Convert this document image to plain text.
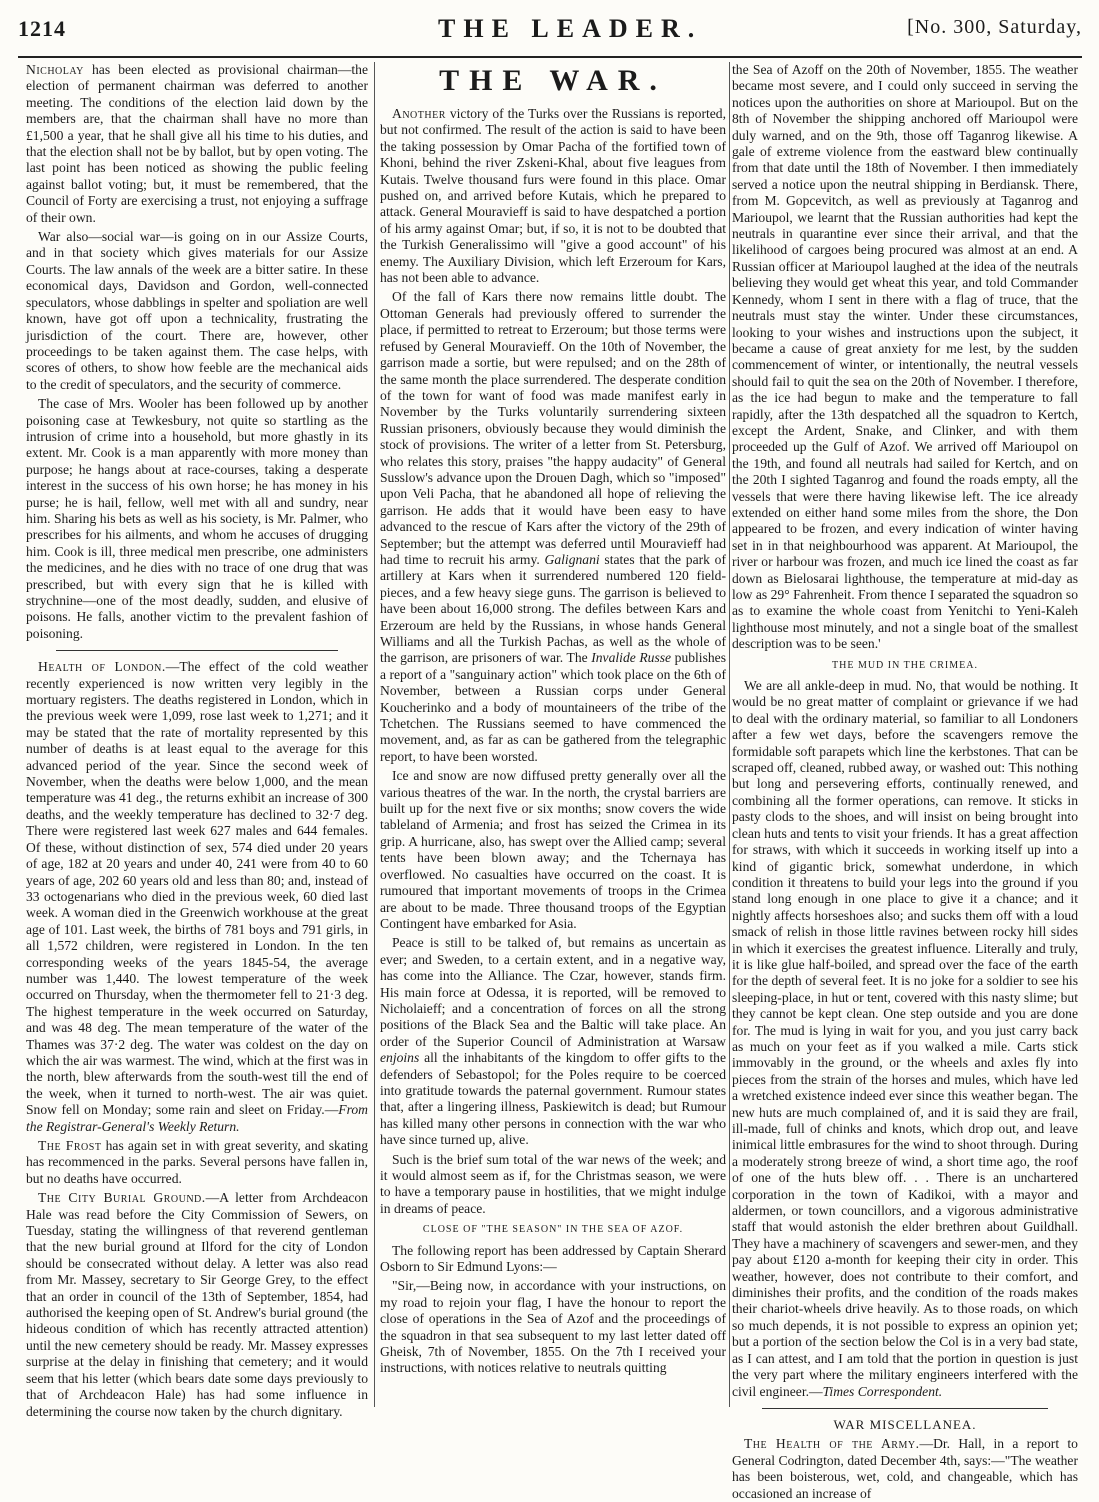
1214	THE LEADER.	[No. 300, Saturday,

Nicholay has been elected as provisional chairman—the election of permanent chairman was deferred to another meeting. The conditions of the election laid down by the members are, that the chairman shall have no more than £1,500 a year, that he shall give all his time to his duties, and that the election shall not be by ballot, but by open voting. The last point has been noticed as showing the public feeling against ballot voting; but, it must be remembered, that the Council of Forty are exercising a trust, not enjoying a suffrage of their own.

War also—social war—is going on in our Assize Courts, and in that society which gives materials for our Assize Courts. The law annals of the week are a bitter satire. In these economical days, Davidson and Gordon, well-connected speculators, whose dabblings in spelter and spoliation are well known, have got off upon a technicality, frustrating the jurisdiction of the court. There are, however, other proceedings to be taken against them. The case helps, with scores of others, to show how feeble are the mechanical aids to the credit of speculators, and the security of commerce.

The case of Mrs. Wooler has been followed up by another poisoning case at Tewkesbury, not quite so startling as the intrusion of crime into a household, but more ghastly in its extent. Mr. Cook is a man apparently with more money than purpose; he hangs about at race-courses, taking a desperate interest in the success of his own horse; he has money in his purse; he is hail, fellow, well met with all and sundry, near him. Sharing his bets as well as his society, is Mr. Palmer, who prescribes for his ailments, and whom he accuses of drugging him. Cook is ill, three medical men prescribe, one administers the medicines, and he dies with no trace of one drug that was prescribed, but with every sign that he is killed with strychnine—one of the most deadly, sudden, and elusive of poisons. He falls, another victim to the prevalent fashion of poisoning.

Health of London.—The effect of the cold weather recently experienced is now written very legibly in the mortuary registers. The deaths registered in London, which in the previous week were 1,099, rose last week to 1,271; and it may be stated that the rate of mortality represented by this number of deaths is at least equal to the average for this advanced period of the year. Since the second week of November, when the deaths were below 1,000, and the mean temperature was 41 deg., the returns exhibit an increase of 300 deaths, and the weekly temperature has declined to 32·7 deg. There were registered last week 627 males and 644 females. Of these, without distinction of sex, 574 died under 20 years of age, 182 at 20 years and under 40, 241 were from 40 to 60 years of age, 202 60 years old and less than 80; and, instead of 33 octogenarians who died in the previous week, 60 died last week. A woman died in the Greenwich workhouse at the great age of 101. Last week, the births of 781 boys and 791 girls, in all 1,572 children, were registered in London. In the ten corresponding weeks of the years 1845-54, the average number was 1,440. The lowest temperature of the week occurred on Thursday, when the thermometer fell to 21·3 deg. The highest temperature in the week occurred on Saturday, and was 48 deg. The mean temperature of the water of the Thames was 37·2 deg. The water was coldest on the day on which the air was warmest. The wind, which at the first was in the north, blew afterwards from the south-west till the end of the week, when it turned to north-west. The air was quiet. Snow fell on Monday; some rain and sleet on Friday.—From the Registrar-General's Weekly Return.

The Frost has again set in with great severity, and skating has recommenced in the parks. Several persons have fallen in, but no deaths have occurred.

The City Burial Ground.—A letter from Archdeacon Hale was read before the City Commission of Sewers, on Tuesday, stating the willingness of that reverend gentleman that the new burial ground at Ilford for the city of London should be consecrated without delay. A letter was also read from Mr. Massey, secretary to Sir George Grey, to the effect that an order in council of the 13th of September, 1854, had authorised the keeping open of St. Andrew's burial ground (the hideous condition of which has recently attracted attention) until the new cemetery should be ready. Mr. Massey expresses surprise at the delay in finishing that cemetery; and it would seem that his letter (which bears date some days previously to that of Archdeacon Hale) has had some influence in determining the course now taken by the church dignitary.

THE WAR.

Another victory of the Turks over the Russians is reported, but not confirmed. The result of the action is said to have been the taking possession by Omar Pacha of the fortified town of Khoni, behind the river Zskeni-Khal, about five leagues from Kutais. Twelve thousand furs were found in this place. Omar pushed on, and arrived before Kutais, which he prepared to attack. General Mouravieff is said to have despatched a portion of his army against Omar; but, if so, it is not to be doubted that the Turkish Generalissimo will "give a good account" of his enemy. The Auxiliary Division, which left Erzeroum for Kars, has not been able to advance.

Of the fall of Kars there now remains little doubt. The Ottoman Generals had previously offered to surrender the place, if permitted to retreat to Erzeroum; but those terms were refused by General Mouravieff. On the 10th of November, the garrison made a sortie, but were repulsed; and on the 28th of the same month the place surrendered. The desperate condition of the town for want of food was made manifest early in November by the Turks voluntarily surrendering sixteen Russian prisoners, obviously because they would diminish the stock of provisions. The writer of a letter from St. Petersburg, who relates this story, praises "the happy audacity" of General Susslow's advance upon the Drouen Dagh, which so "imposed" upon Veli Pacha, that he abandoned all hope of relieving the garrison. He adds that it would have been easy to have advanced to the rescue of Kars after the victory of the 29th of September; but the attempt was deferred until Mouravieff had had time to recruit his army. Galignani states that the park of artillery at Kars when it surrendered numbered 120 field-pieces, and a few heavy siege guns. The garrison is believed to have been about 16,000 strong. The defiles between Kars and Erzeroum are held by the Russians, in whose hands General Williams and all the Turkish Pachas, as well as the whole of the garrison, are prisoners of war. The Invalide Russe publishes a report of a "sanguinary action" which took place on the 6th of November, between a Russian corps under General Koucherinko and a body of mountaineers of the tribe of the Tchetchen. The Russians seemed to have commenced the movement, and, as far as can be gathered from the telegraphic report, to have been worsted.

Ice and snow are now diffused pretty generally over all the various theatres of the war. In the north, the crystal barriers are built up for the next five or six months; snow covers the wide tableland of Armenia; and frost has seized the Crimea in its grip. A hurricane, also, has swept over the Allied camp; several tents have been blown away; and the Tchernaya has overflowed. No casualties have occurred on the coast. It is rumoured that important movements of troops in the Crimea are about to be made. Three thousand troops of the Egyptian Contingent have embarked for Asia.

Peace is still to be talked of, but remains as uncertain as ever; and Sweden, to a certain extent, and in a negative way, has come into the Alliance. The Czar, however, stands firm. His main force at Odessa, it is reported, will be removed to Nicholaieff; and a concentration of forces on all the strong positions of the Black Sea and the Baltic will take place. An order of the Superior Council of Administration at Warsaw enjoins all the inhabitants of the kingdom to offer gifts to the defenders of Sebastopol; for the Poles require to be coerced into gratitude towards the paternal government. Rumour states that, after a lingering illness, Paskiewitch is dead; but Rumour has killed many other persons in connection with the war who have since turned up, alive.

Such is the brief sum total of the war news of the week; and it would almost seem as if, for the Christmas season, we were to have a temporary pause in hostilities, that we might indulge in dreams of peace.

CLOSE OF "THE SEASON" IN THE SEA OF AZOF.

The following report has been addressed by Captain Sherard Osborn to Sir Edmund Lyons:—

"Sir,—Being now, in accordance with your instructions, on my road to rejoin your flag, I have the honour to report the close of operations in the Sea of Azof and the proceedings of the squadron in that sea subsequent to my last letter dated off Gheisk, 7th of November, 1855. On the 7th I received your instructions, with notices relative to neutrals quitting

the Sea of Azoff on the 20th of November, 1855. The weather became most severe, and I could only succeed in serving the notices upon the authorities on shore at Marioupol. But on the 8th of November the shipping anchored off Marioupol were duly warned, and on the 9th, those off Taganrog likewise. A gale of extreme violence from the eastward blew continually from that date until the 18th of November. I then immediately served a notice upon the neutral shipping in Berdiansk. There, from M. Gopcevitch, as well as previously at Taganrog and Marioupol, we learnt that the Russian authorities had kept the neutrals in quarantine ever since their arrival, and that the likelihood of cargoes being procured was almost at an end. A Russian officer at Marioupol laughed at the idea of the neutrals believing they would get wheat this year, and told Commander Kennedy, whom I sent in there with a flag of truce, that the neutrals must stay the winter. Under these circumstances, looking to your wishes and instructions upon the subject, it became a cause of great anxiety for me lest, by the sudden commencement of winter, or intentionally, the neutral vessels should fail to quit the sea on the 20th of November. I therefore, as the ice had begun to make and the temperature to fall rapidly, after the 13th despatched all the squadron to Kertch, except the Ardent, Snake, and Clinker, and with them proceeded up the Gulf of Azof. We arrived off Marioupol on the 19th, and found all neutrals had sailed for Kertch, and on the 20th I sighted Taganrog and found the roads empty, all the vessels that were there having likewise left. The ice already extended on either hand some miles from the shore, the Don appeared to be frozen, and every indication of winter having set in in that neighbourhood was apparent. At Marioupol, the river or harbour was frozen, and much ice lined the coast as far down as Bielosarai lighthouse, the temperature at mid-day as low as 29° Fahrenheit. From thence I separated the squadron so as to examine the whole coast from Yenitchi to Yeni-Kaleh lighthouse most minutely, and not a single boat of the smallest description was to be seen.'

THE MUD IN THE CRIMEA.

We are all ankle-deep in mud. No, that would be nothing. It would be no great matter of complaint or grievance if we had to deal with the ordinary material, so familiar to all Londoners after a few wet days, before the scavengers remove the formidable soft parapets which line the kerbstones. That can be scraped off, cleaned, rubbed away, or washed out: This nothing but long and persevering efforts, continually renewed, and combining all the former operations, can remove. It sticks in pasty clods to the shoes, and will insist on being brought into clean huts and tents to visit your friends. It has a great affection for straws, with which it succeeds in working itself up into a kind of gigantic brick, somewhat underdone, in which condition it threatens to build your legs into the ground if you stand long enough in one place to give it a chance; and it nightly affects horseshoes also; and sucks them off with a loud smack of relish in those little ravines between rocky hill sides in which it exercises the greatest influence. Literally and truly, it is like glue half-boiled, and spread over the face of the earth for the depth of several feet. It is no joke for a soldier to see his sleeping-place, in hut or tent, covered with this nasty slime; but they cannot be kept clean. One step outside and you are done for. The mud is lying in wait for you, and you just carry back as much on your feet as if you walked a mile. Carts stick immovably in the ground, or the wheels and axles fly into pieces from the strain of the horses and mules, which have led a wretched existence indeed ever since this weather began. The new huts are much complained of, and it is said they are frail, ill-made, full of chinks and knots, which drop out, and leave inimical little embrasures for the wind to shoot through. During a moderately strong breeze of wind, a short time ago, the roof of one of the huts blew off. . . There is an unchartered corporation in the town of Kadikoi, with a mayor and aldermen, or town councillors, and a vigorous administrative staff that would astonish the elder brethren about Guildhall. They have a machinery of scavengers and sewer-men, and they pay about £120 a-month for keeping their city in order. This weather, however, does not contribute to their comfort, and diminishes their profits, and the condition of the roads makes their chariot-wheels drive heavily. As to those roads, on which so much depends, it is not possible to express an opinion yet; but a portion of the section below the Col is in a very bad state, as I can attest, and I am told that the portion in question is just the very part where the military engineers interfered with the civil engineer.—Times Correspondent.

WAR MISCELLANEA.

The Health of the Army.—Dr. Hall, in a report to General Codrington, dated December 4th, says:—"The weather has been boisterous, wet, cold, and changeable, which has occasioned an increase of
